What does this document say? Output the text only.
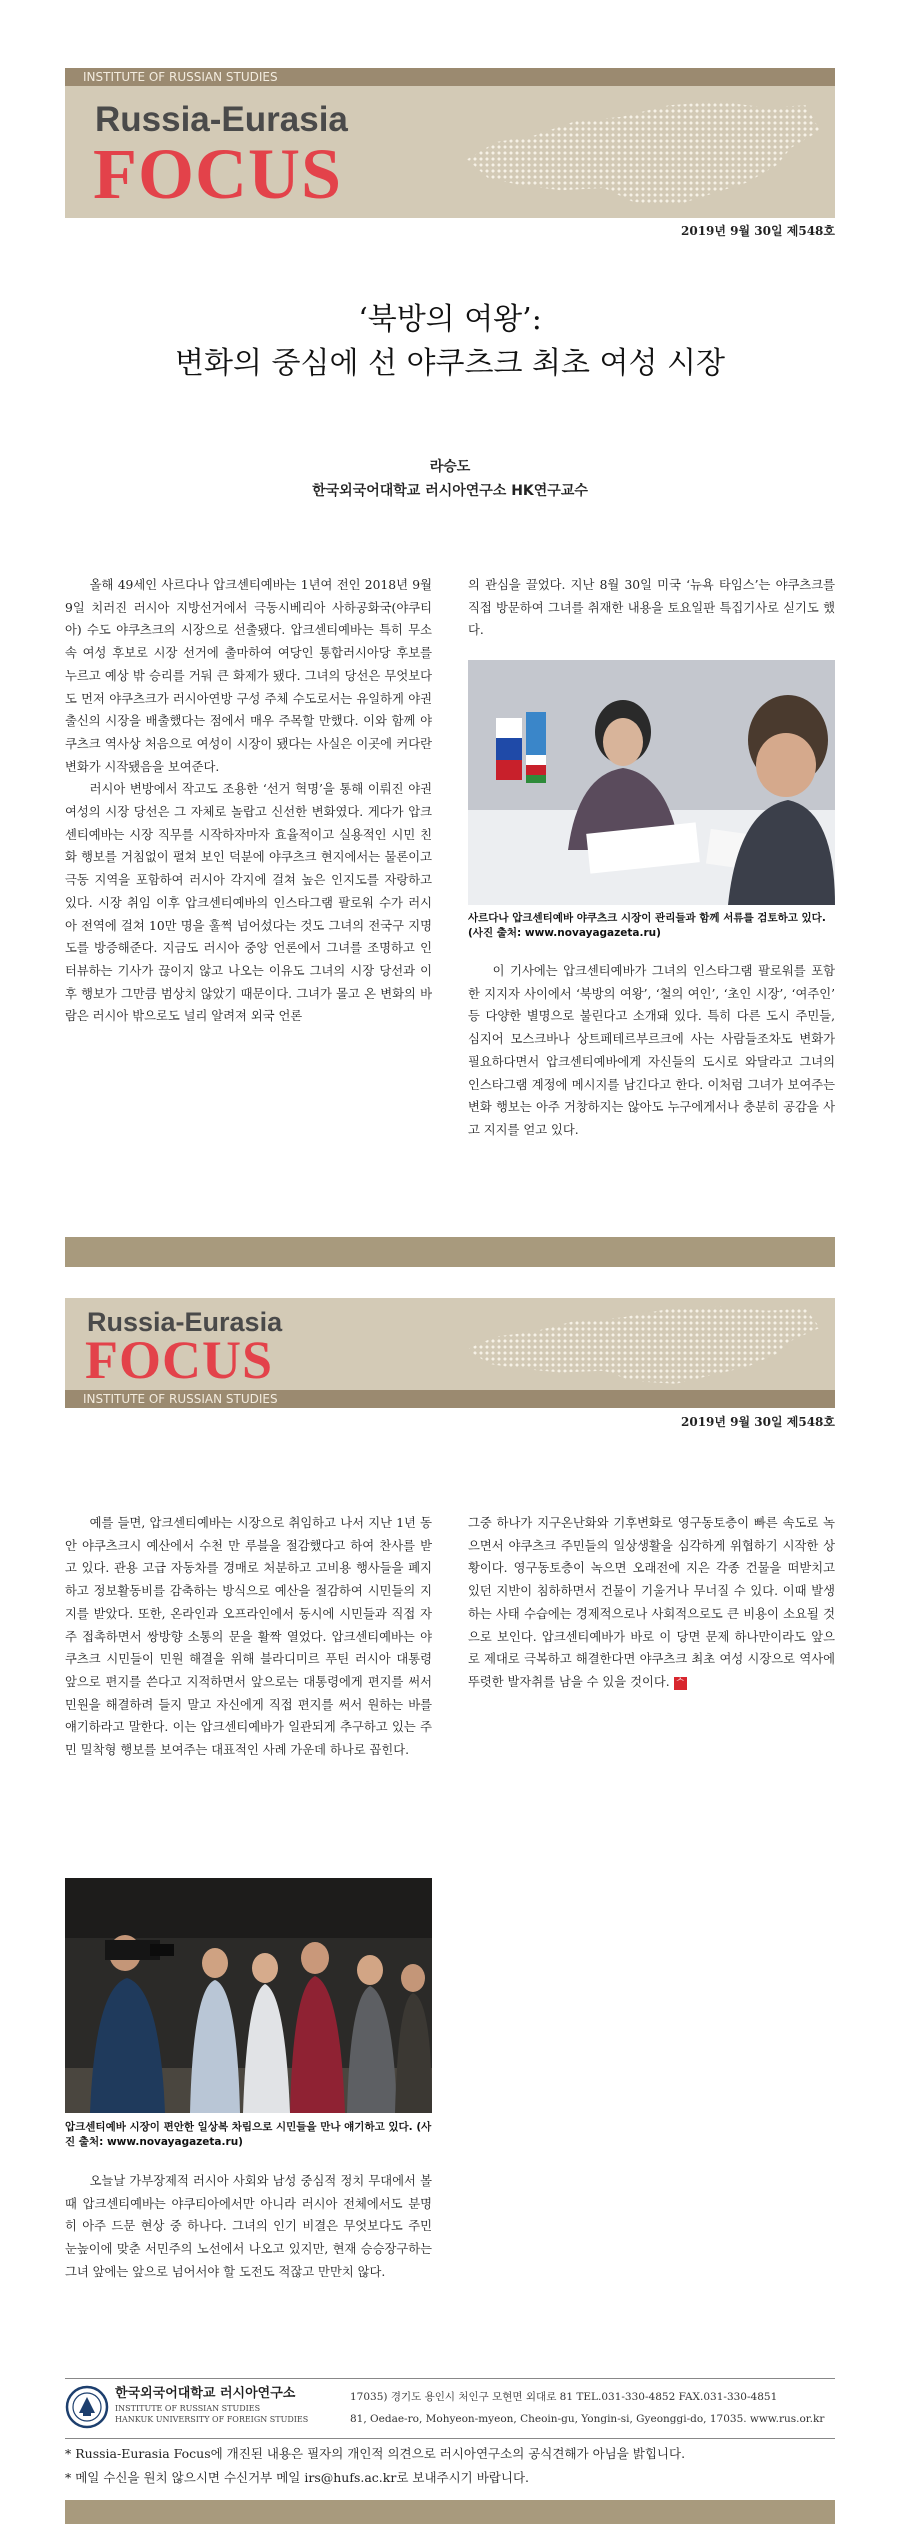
INSTITUTE OF RUSSIAN STUDIES
Russia-Eurasia
FOCUS
2019년 9월 30일 제548호
‘북방의 여왕’:
변화의 중심에 선 야쿠츠크 최초 여성 시장
라승도
한국외국어대학교 러시아연구소 HK연구교수

올해 49세인 사르다나 압크센티예바는 1년여 전인 2018년 9월 9일 치러진 러시아 지방선거에서 극동시베리아 사하공화국(야쿠티아) 수도 야쿠츠크의 시장으로 선출됐다. 압크센티예바는 특히 무소속 여성 후보로 시장 선거에 출마하여 여당인 통합러시아당 후보를 누르고 예상 밖 승리를 거둬 큰 화제가 됐다. 그녀의 당선은 무엇보다도 먼저 야쿠츠크가 러시아연방 구성 주체 수도로서는 유일하게 야권 출신의 시장을 배출했다는 점에서 매우 주목할 만했다. 이와 함께 야쿠츠크 역사상 처음으로 여성이 시장이 됐다는 사실은 이곳에 커다란 변화가 시작됐음을 보여준다.

러시아 변방에서 작고도 조용한 ‘선거 혁명’을 통해 이뤄진 야권 여성의 시장 당선은 그 자체로 놀랍고 신선한 변화였다. 게다가 압크센티예바는 시장 직무를 시작하자마자 효율적이고 실용적인 시민 친화 행보를 거침없이 펼쳐 보인 덕분에 야쿠츠크 현지에서는 물론이고 극동 지역을 포함하여 러시아 각지에 걸쳐 높은 인지도를 자랑하고 있다. 시장 취임 이후 압크센티예바의 인스타그램 팔로워 수가 러시아 전역에 걸쳐 10만 명을 훌쩍 넘어섰다는 것도 그녀의 전국구 지명도를 방증해준다. 지금도 러시아 중앙 언론에서 그녀를 조명하고 인터뷰하는 기사가 끊이지 않고 나오는 이유도 그녀의 시장 당선과 이후 행보가 그만큼 범상치 않았기 때문이다. 그녀가 몰고 온 변화의 바람은 러시아 밖으로도 널리 알려져 외국 언론

의 관심을 끌었다. 지난 8월 30일 미국 ‘뉴욕 타임스’는 야쿠츠크를 직접 방문하여 그녀를 취재한 내용을 토요일판 특집기사로 싣기도 했다.

사르다나 압크센티예바 야쿠츠크 시장이 관리들과 함께 서류를 검토하고 있다. (사진 출처: www.novayagazeta.ru)

이 기사에는 압크센티예바가 그녀의 인스타그램 팔로워를 포함한 지지자 사이에서 ‘북방의 여왕’, ‘철의 여인’, ‘초인 시장’, ‘여주인’ 등 다양한 별명으로 불린다고 소개돼 있다. 특히 다른 도시 주민들, 심지어 모스크바나 상트페테르부르크에 사는 사람들조차도 변화가 필요하다면서 압크센티예바에게 자신들의 도시로 와달라고 그녀의 인스타그램 계정에 메시지를 남긴다고 한다. 이처럼 그녀가 보여주는 변화 행보는 아주 거창하지는 않아도 누구에게서나 충분히 공감을 사고 지지를 얻고 있다.

Russia-Eurasia
FOCUS
INSTITUTE OF RUSSIAN STUDIES
2019년 9월 30일 제548호

예를 들면, 압크센티예바는 시장으로 취임하고 나서 지난 1년 동안 야쿠츠크시 예산에서 수천 만 루블을 절감했다고 하여 찬사를 받고 있다. 관용 고급 자동차를 경매로 처분하고 고비용 행사들을 폐지하고 정보활동비를 감축하는 방식으로 예산을 절감하여 시민들의 지지를 받았다. 또한, 온라인과 오프라인에서 동시에 시민들과 직접 자주 접촉하면서 쌍방향 소통의 문을 활짝 열었다. 압크센티예바는 야쿠츠크 시민들이 민원 해결을 위해 블라디미르 푸틴 러시아 대통령 앞으로 편지를 쓴다고 지적하면서 앞으로는 대통령에게 편지를 써서 민원을 해결하려 들지 말고 자신에게 직접 편지를 써서 원하는 바를 얘기하라고 말한다. 이는 압크센티예바가 일관되게 추구하고 있는 주민 밀착형 행보를 보여주는 대표적인 사례 가운데 하나로 꼽힌다.

압크센티예바 시장이 편안한 일상복 차림으로 시민들을 만나 얘기하고 있다. (사진 출처: www.novayagazeta.ru)

오늘날 가부장제적 러시아 사회와 남성 중심적 정치 무대에서 볼 때 압크센티예바는 야쿠티아에서만 아니라 러시아 전체에서도 분명히 아주 드문 현상 중 하나다. 그녀의 인기 비결은 무엇보다도 주민 눈높이에 맞춘 서민주의 노선에서 나오고 있지만, 현재 승승장구하는 그녀 앞에는 앞으로 넘어서야 할 도전도 적잖고 만만치 않다.

그중 하나가 지구온난화와 기후변화로 영구동토층이 빠른 속도로 녹으면서 야쿠츠크 주민들의 일상생활을 심각하게 위협하기 시작한 상황이다. 영구동토층이 녹으면 오래전에 지은 각종 건물을 떠받치고 있던 지반이 침하하면서 건물이 기울거나 무너질 수 있다. 이때 발생하는 사태 수습에는 경제적으로나 사회적으로도 큰 비용이 소요될 것으로 보인다. 압크센티예바가 바로 이 당면 문제 하나만이라도 앞으로 제대로 극복하고 해결한다면 야쿠츠크 최초 여성 시장으로 역사에 뚜렷한 발자취를 남을 수 있을 것이다. ᄉ

한국외국어대학교 러시아연구소
INSTITUTE OF RUSSIAN STUDIES
HANKUK UNIVERSITY OF FOREIGN STUDIES
17035) 경기도 용인시 처인구 모현면 외대로 81 TEL.031-330-4852 FAX.031-330-4851
81, Oedae-ro, Mohyeon-myeon, Cheoin-gu, Yongin-si, Gyeonggi-do, 17035. www.rus.or.kr
* Russia-Eurasia Focus에 개진된 내용은 필자의 개인적 의견으로 러시아연구소의 공식견해가 아님을 밝힙니다.
* 메일 수신을 원치 않으시면 수신거부 메일 irs@hufs.ac.kr로 보내주시기 바랍니다.
